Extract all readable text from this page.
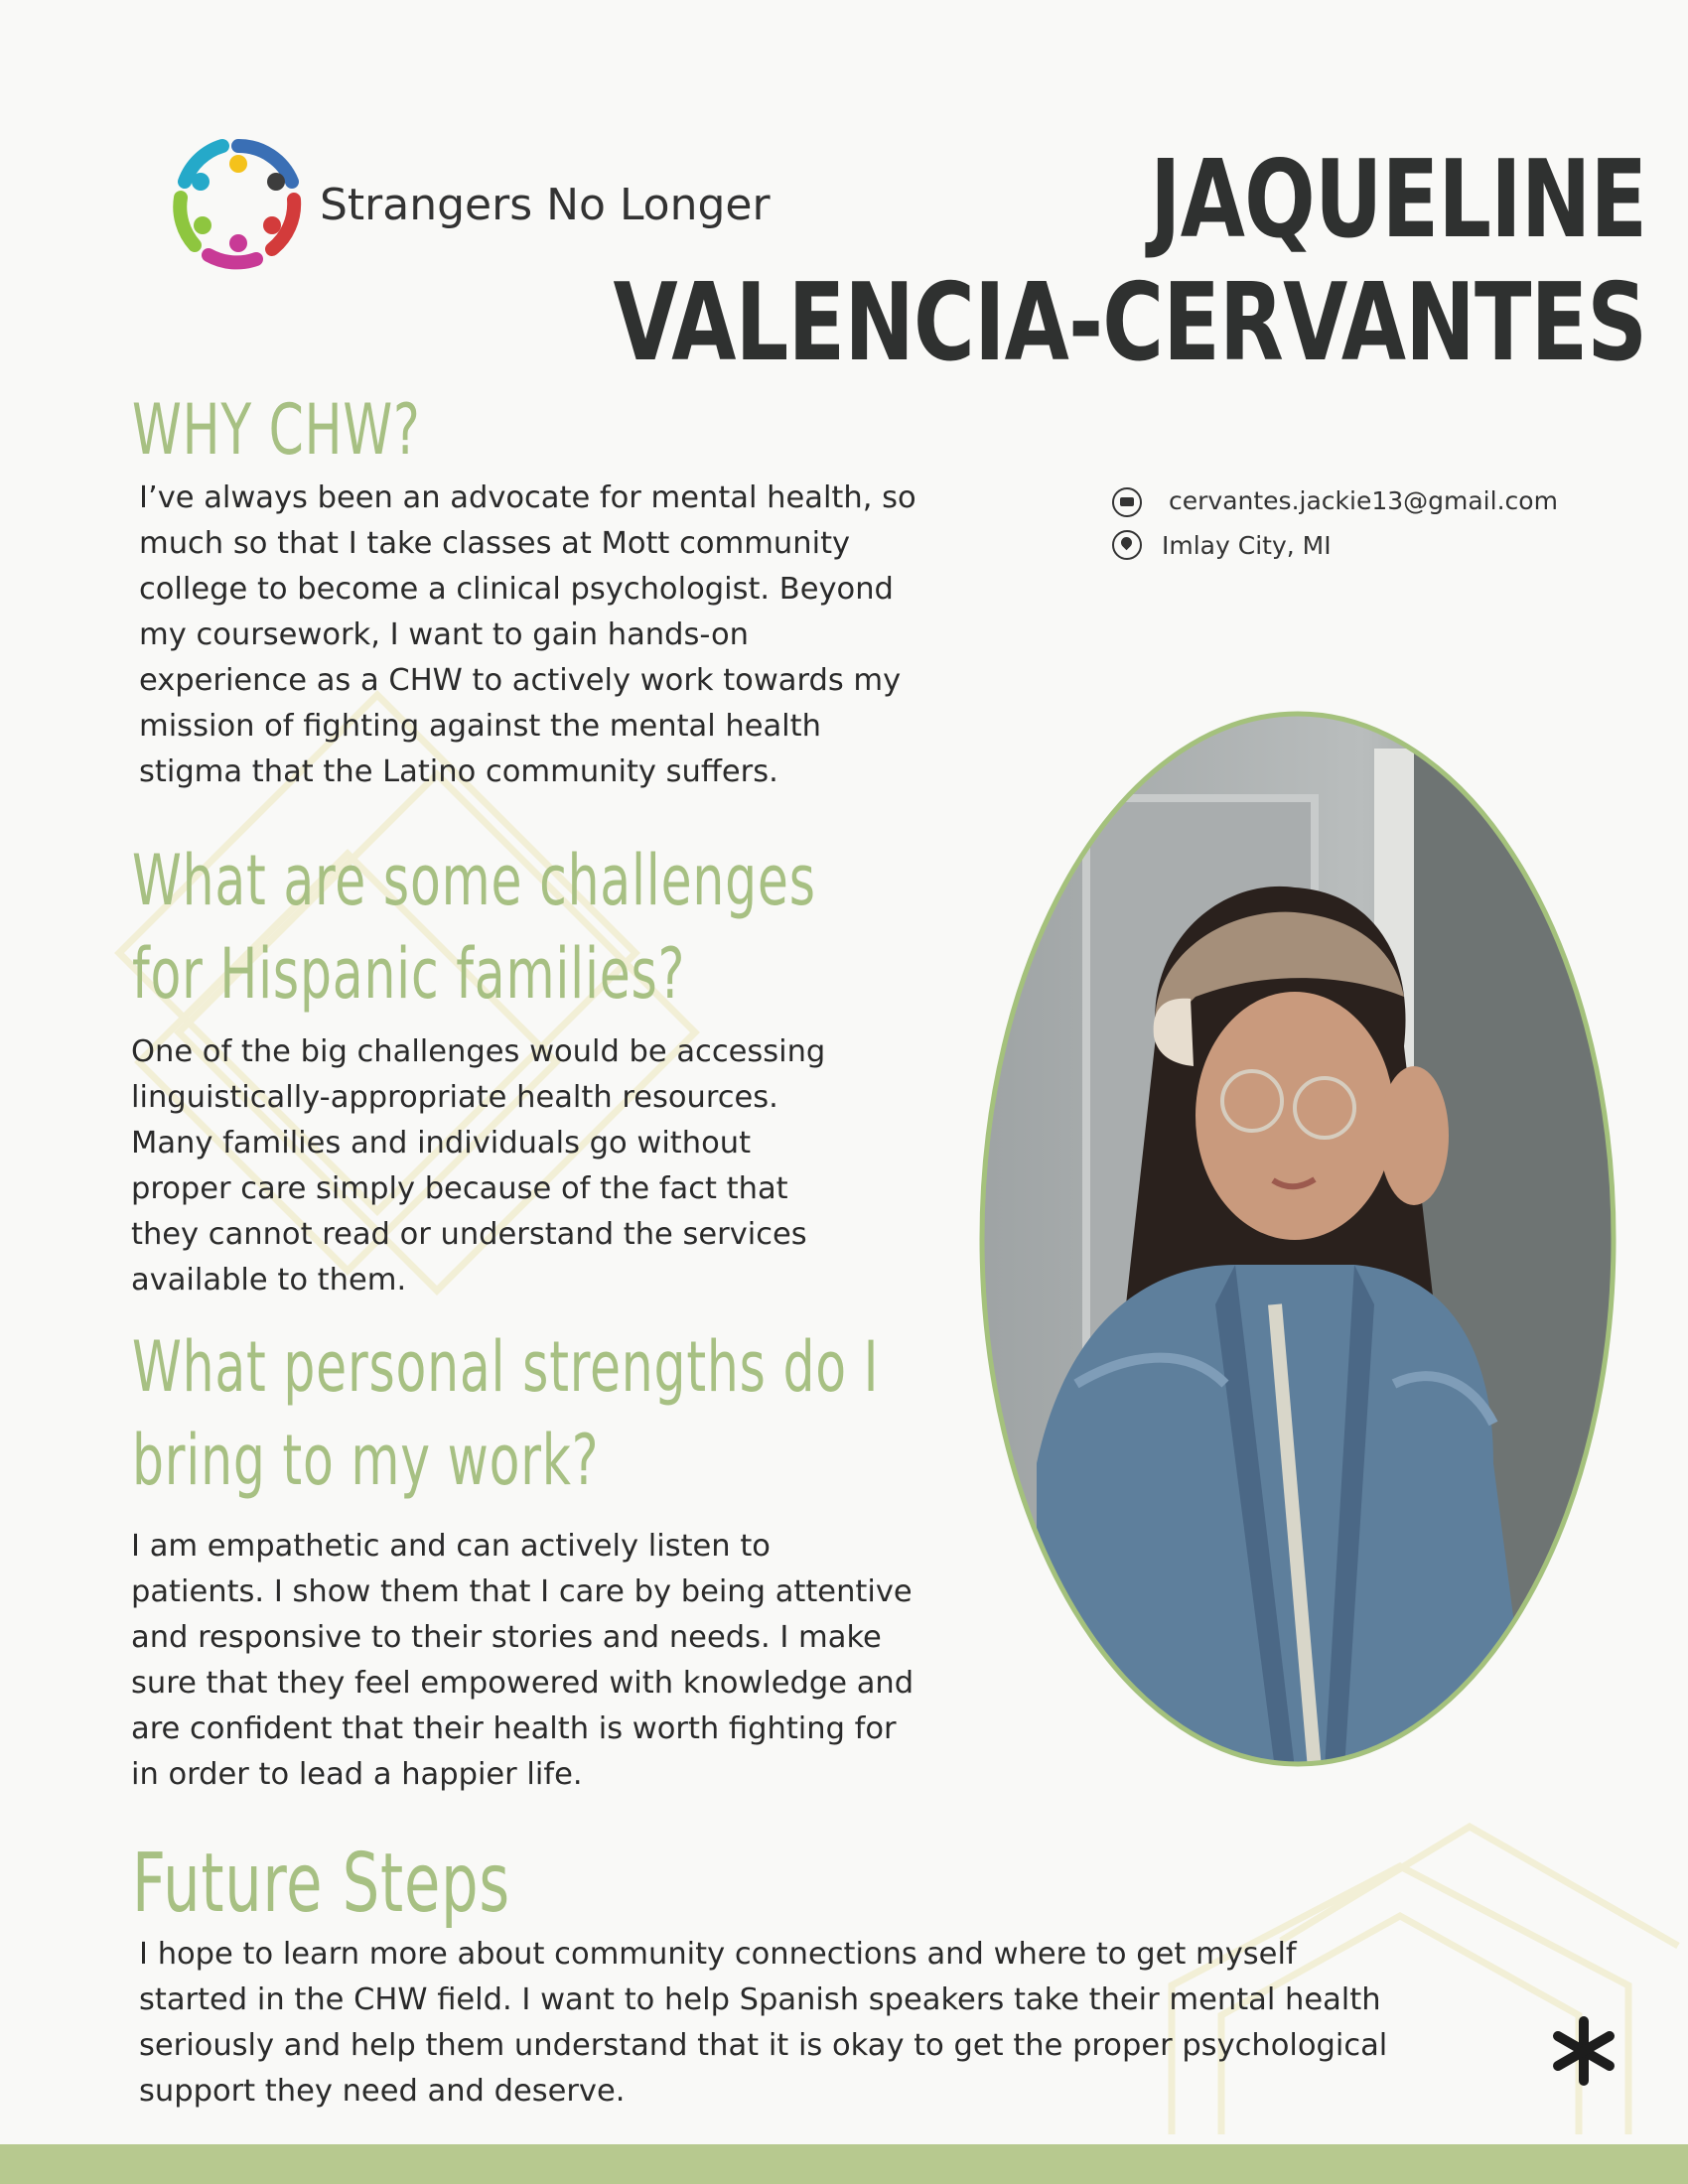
Strangers No Longer	JAQUELINE
VALENCIA-CERVANTES
cervantes.jackie13@gmail.com
Imlay City, MI
WHY CHW?
I’ve always been an advocate for mental health, so
much so that I take classes at Mott community
college to become a clinical psychologist. Beyond
my coursework, I want to gain hands-on
experience as a CHW to actively work towards my
mission of fighting against the mental health
stigma that the Latino community suffers.
What are some challenges
for Hispanic families?
One of the big challenges would be accessing
linguistically-appropriate health resources.
Many families and individuals go without
proper care simply because of the fact that
they cannot read or understand the services
available to them.
What personal strengths do I
bring to my work?
I am empathetic and can actively listen to
patients. I show them that I care by being attentive
and responsive to their stories and needs. I make
sure that they feel empowered with knowledge and
are confident that their health is worth fighting for
in order to lead a happier life.
Future Steps
I hope to learn more about community connections and where to get myself
started in the CHW field. I want to help Spanish speakers take their mental health
seriously and help them understand that it is okay to get the proper psychological
support they need and deserve.
